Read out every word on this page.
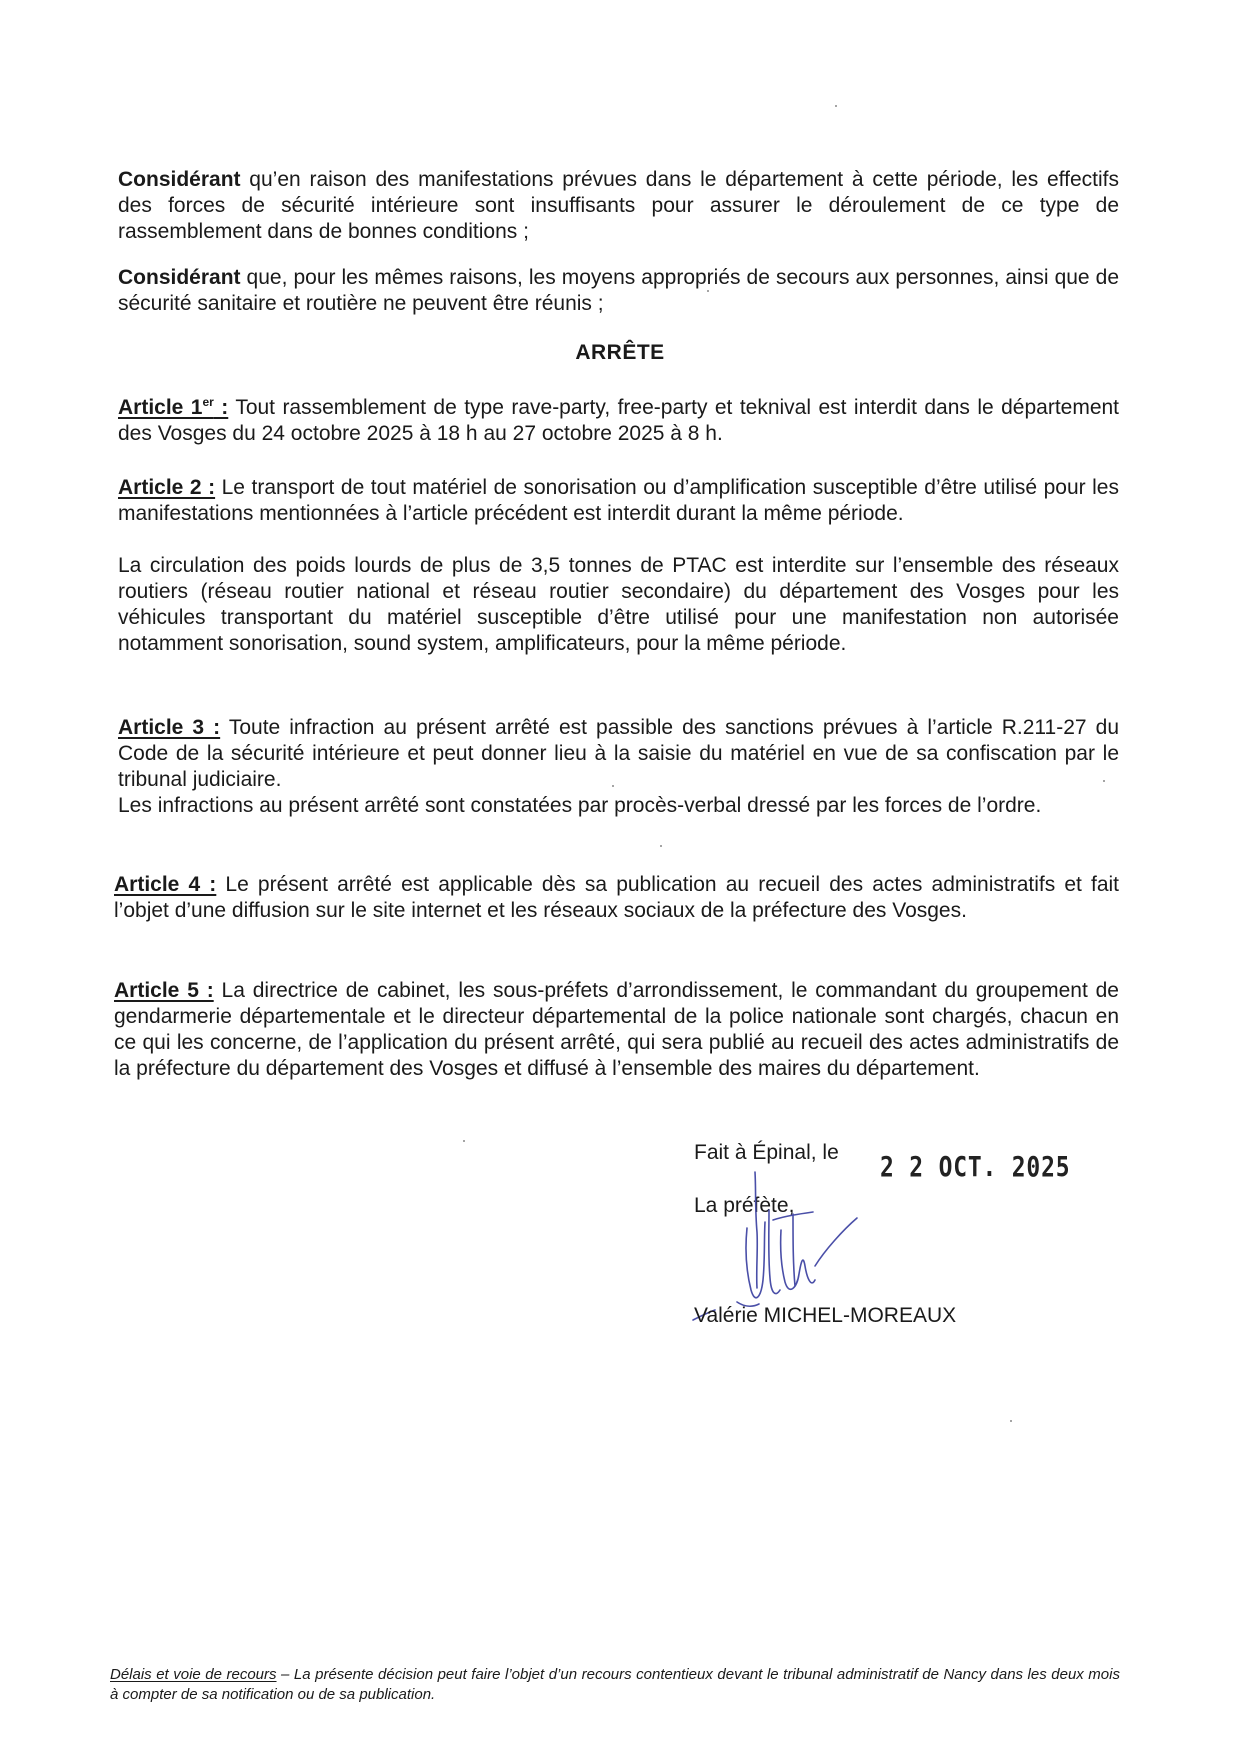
Considérant qu’en raison des manifestations prévues dans le département à cette période, les effectifs des forces de sécurité intérieure sont insuffisants pour assurer le déroulement de ce type de rassemblement dans de bonnes conditions ;

Considérant que, pour les mêmes raisons, les moyens appropriés de secours aux personnes, ainsi que de sécurité sanitaire et routière ne peuvent être réunis ;

ARRÊTE

Article 1er : Tout rassemblement de type rave-party, free-party et teknival est interdit dans le département des Vosges du 24 octobre 2025 à 18 h au 27 octobre 2025 à 8 h.

Article 2 : Le transport de tout matériel de sonorisation ou d’amplification susceptible d’être utilisé pour les manifestations mentionnées à l’article précédent est interdit durant la même période.

La circulation des poids lourds de plus de 3,5 tonnes de PTAC est interdite sur l’ensemble des réseaux routiers (réseau routier national et réseau routier secondaire) du département des Vosges pour les véhicules transportant du matériel susceptible d’être utilisé pour une manifestation non autorisée notamment sonorisation, sound system, amplificateurs, pour la même période.

Article 3 : Toute infraction au présent arrêté est passible des sanctions prévues à l’article R.211-27 du Code de la sécurité intérieure et peut donner lieu à la saisie du matériel en vue de sa confiscation par le tribunal judiciaire.

Les infractions au présent arrêté sont constatées par procès-verbal dressé par les forces de l’ordre.

Article 4 : Le présent arrêté est applicable dès sa publication au recueil des actes administratifs et fait l’objet d’une diffusion sur le site internet et les réseaux sociaux de la préfecture des Vosges.

Article 5 : La directrice de cabinet, les sous-préfets d’arrondissement, le commandant du groupement de gendarmerie départementale et le directeur départemental de la police nationale sont chargés, chacun en ce qui les concerne, de l’application du présent arrêté, qui sera publié au recueil des actes administratifs de la préfecture du département des Vosges et diffusé à l’ensemble des maires du département.

Fait à Épinal, le 2 2 OCT. 2025
La préfète,
Valérie MICHEL-MOREAUX

Délais et voie de recours – La présente décision peut faire l’objet d’un recours contentieux devant le tribunal administratif de Nancy dans les deux mois à compter de sa notification ou de sa publication.
